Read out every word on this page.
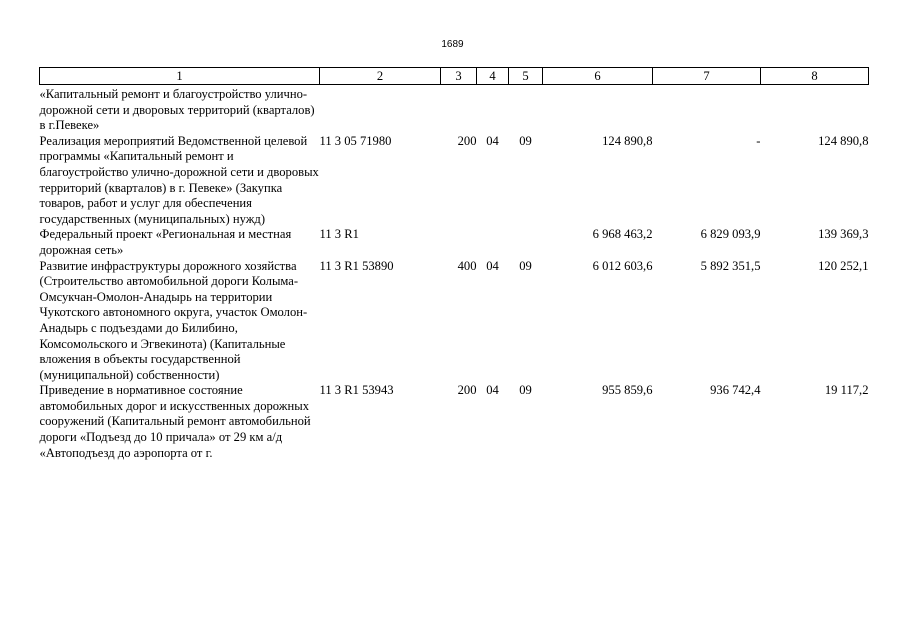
1689
1	2	3	4	5	6	7	8
«Капитальный ремонт и благоустройство улично-дорожной сети и дворовых территорий (кварталов) в г.Певеке»							
Реализация мероприятий Ведомственной целевой программы «Капитальный ремонт и благоустройство улично-дорожной сети и дворовых территорий (кварталов) в г. Певеке» (Закупка товаров, работ и услуг для обеспечения государственных (муниципальных) нужд)	11 3 05 71980	200	04	09	124 890,8	-	124 890,8
Федеральный проект «Региональная и местная дорожная сеть»	11 3 R1				6 968 463,2	6 829 093,9	139 369,3
Развитие инфраструктуры дорожного хозяйства (Строительство автомобильной дороги Колыма-Омсукчан-Омолон-Анадырь на территории Чукотского автономного округа, участок Омолон-Анадырь с подъездами до Билибино, Комсомольского и Эгвекинота) (Капитальные вложения в объекты государственной (муниципальной) собственности)	11 3 R1 53890	400	04	09	6 012 603,6	5 892 351,5	120 252,1
Приведение в нормативное состояние автомобильных дорог и искусственных дорожных сооружений (Капитальный ремонт автомобильной дороги «Подъезд до 10 причала» от 29 км а/д «Автоподъезд до аэропорта от г.	11 3 R1 53943	200	04	09	955 859,6	936 742,4	19 117,2
